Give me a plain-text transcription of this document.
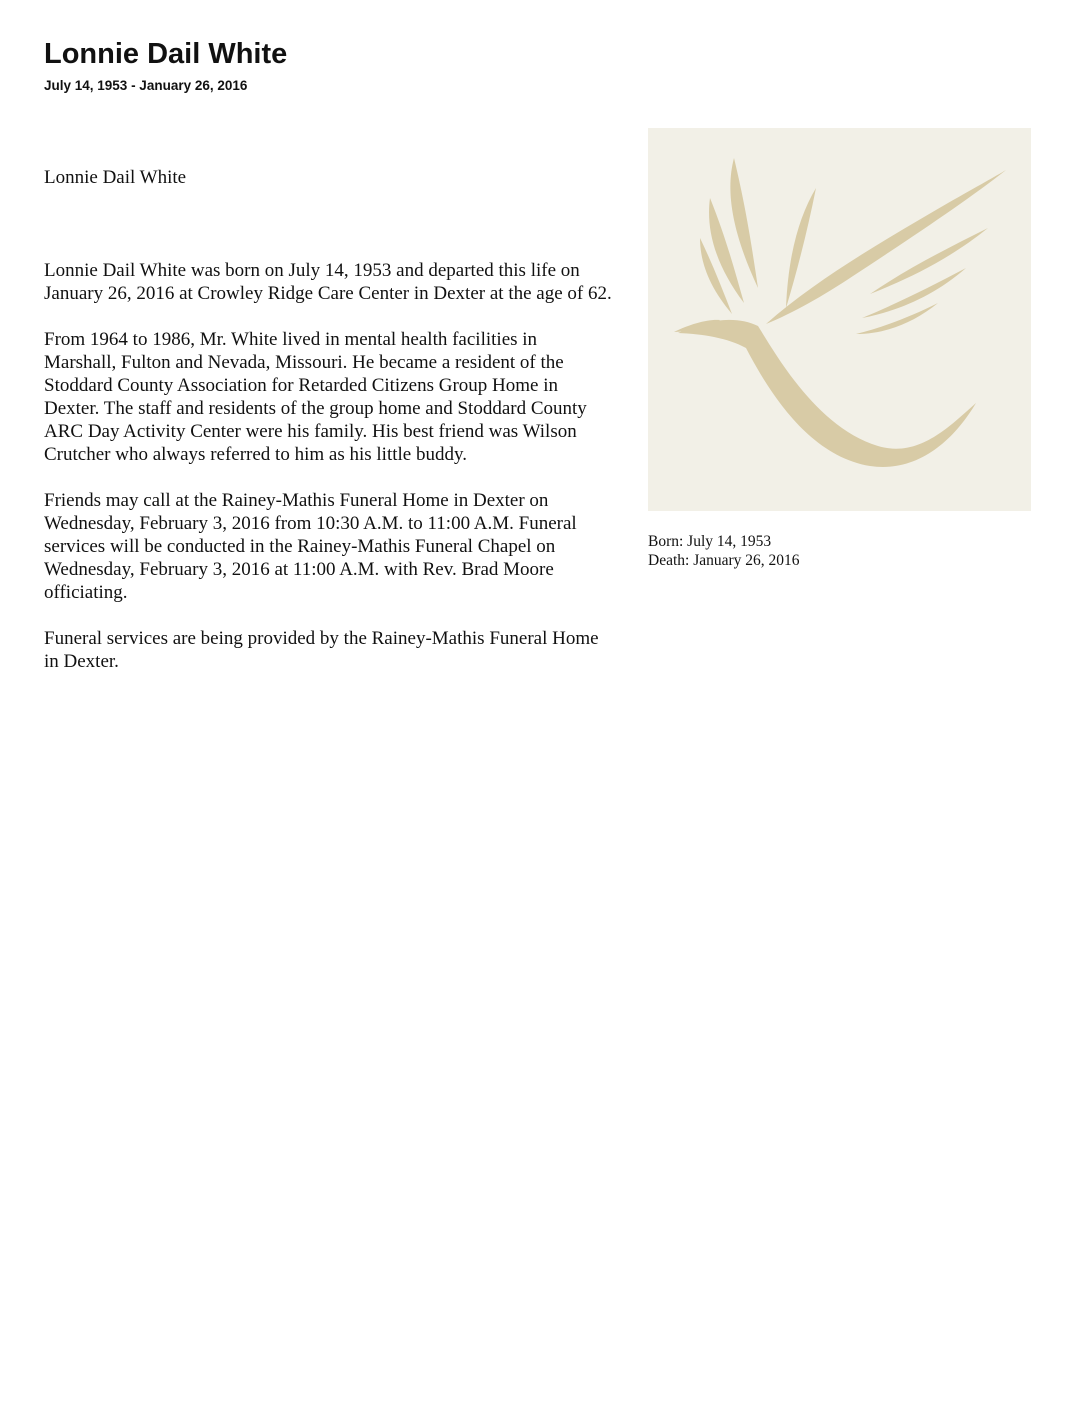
Lonnie Dail White
July 14, 1953 - January 26, 2016

Lonnie Dail White

Lonnie Dail White was born on July 14, 1953 and departed this life on January 26, 2016 at Crowley Ridge Care Center in Dexter at the age of 62.

From 1964 to 1986, Mr. White lived in mental health facilities in Marshall, Fulton and Nevada, Missouri. He became a resident of the Stoddard County Association for Retarded Citizens Group Home in Dexter. The staff and residents of the group home and Stoddard County ARC Day Activity Center were his family. His best friend was Wilson Crutcher who always referred to him as his little buddy.

Friends may call at the Rainey-Mathis Funeral Home in Dexter on Wednesday, February 3, 2016 from 10:30 A.M. to 11:00 A.M. Funeral services will be conducted in the Rainey-Mathis Funeral Chapel on Wednesday, February 3, 2016 at 11:00 A.M. with Rev. Brad Moore officiating.

Funeral services are being provided by the Rainey-Mathis Funeral Home in Dexter.

Born: July 14, 1953
Death: January 26, 2016
